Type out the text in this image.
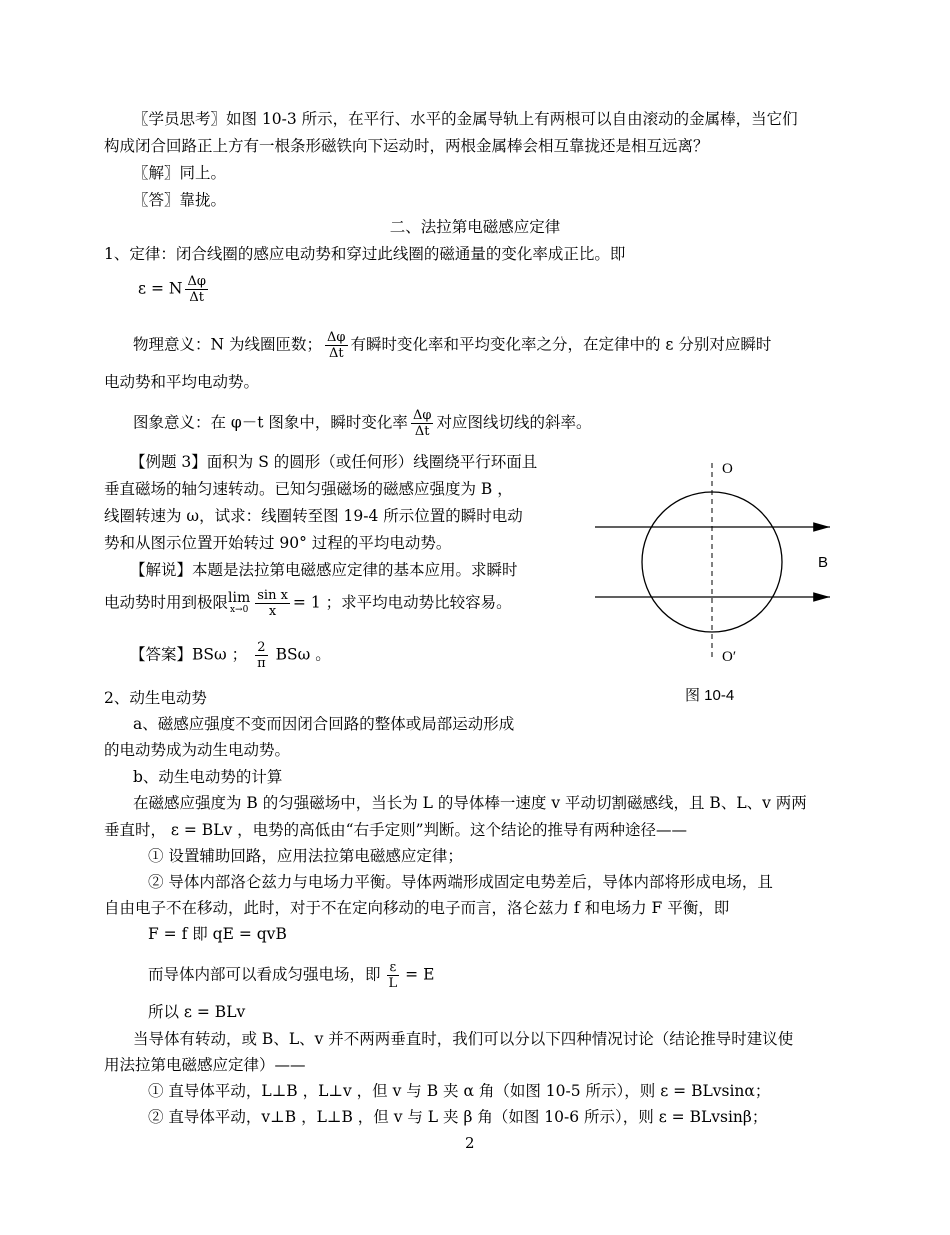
〖学员思考〗如图 10-3 所示，在平行、水平的金属导轨上有两根可以自由滚动的金属棒，当它们
构成闭合回路正上方有一根条形磁铁向下运动时，两根金属棒会相互靠拢还是相互远离？
〖解〗同上。
〖答〗靠拢。
二、法拉第电磁感应定律
1、定律：闭合线圈的感应电动势和穿过此线圈的磁通量的变化率成正比。即
ε = N $\frac{\Delta\varphi}{\Delta t}$
物理意义：N 为线圈匝数； $\frac{\Delta\varphi}{\Delta t}$ 有瞬时变化率和平均变化率之分，在定律中的 ε 分别对应瞬时
电动势和平均电动势。
图象意义：在 φ－t 图象中，瞬时变化率 $\frac{\Delta\varphi}{\Delta t}$ 对应图线切线的斜率。
【例题 3】面积为 S 的圆形（或任何形）线圈绕平行环面且
垂直磁场的轴匀速转动。已知匀强磁场的磁感应强度为 B ，
线圈转速为 ω，试求：线圈转至图 19-4 所示位置的瞬时电动
势和从图示位置开始转过 90° 过程的平均电动势。
【解说】本题是法拉第电磁感应定律的基本应用。求瞬时
电动势时用到极限 lim
$x\to 0 \frac{\text{sin x}}{x} = 1$ ；求平均电动势比较容易。
【答案】BSω ； $\frac{2}{\pi}$ BSω 。
2、动生电动势
a、磁感应强度不变而因闭合回路的整体或局部运动形成
的电动势成为动生电动势。
b、动生电动势的计算
在磁感应强度为 B 的匀强磁场中，当长为 L 的导体棒一速度 v 平动切割磁感线，且 B、L、v 两两
垂直时， ε = BLv ，电势的高低由“右手定则”判断。这个结论的推导有两种途径——
① 设置辅助回路，应用法拉第电磁感应定律；
② 导体内部洛仑兹力与电场力平衡。导体两端形成固定电势差后，导体内部将形成电场，且
自由电子不在移动，此时，对于不在定向移动的电子而言，洛仑兹力 f 和电场力 F 平衡，即
F = f 即 qE = qvB
而导体内部可以看成匀强电场，即 $\frac{\varepsilon}{L} = E$
所以 ε = BLv
当导体有转动，或 B、L、v 并不两两垂直时，我们可以分以下四种情况讨论（结论推导时建议使
用法拉第电磁感应定律）——
① 直导体平动，L⊥B ，L⊥v ，但 v 与 B 夹 α 角（如图 10-5 所示），则 ε = BLvsinα；
② 直导体平动，v⊥B ，L⊥B ，但 v 与 L 夹 β 角（如图 10-6 所示），则 ε = BLvsinβ；
O
O′
B
图 10-4
2
